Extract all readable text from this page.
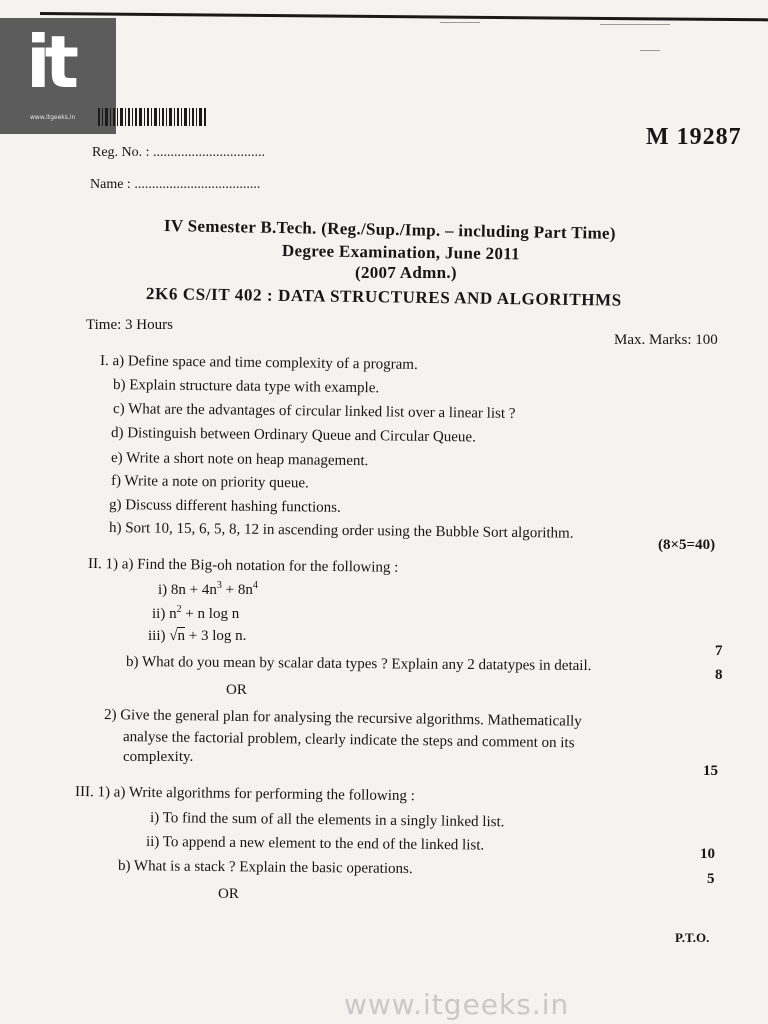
it
www.itgeeks.in
M 19287
Reg. No. : ................................
Name : ....................................
IV Semester B.Tech. (Reg./Sup./Imp. – including Part Time)
Degree Examination, June 2011
(2007 Admn.)
2K6 CS/IT 402 : DATA STRUCTURES AND ALGORITHMS
Time: 3 Hours
Max. Marks: 100
I. a) Define space and time complexity of a program.
b) Explain structure data type with example.
c) What are the advantages of circular linked list over a linear list ?
d) Distinguish between Ordinary Queue and Circular Queue.
e) Write a short note on heap management.
f) Write a note on priority queue.
g) Discuss different hashing functions.
h) Sort 10, 15, 6, 5, 8, 12 in ascending order using the Bubble Sort algorithm.
(8×5=40)
II. 1) a) Find the Big-oh notation for the following :
i) $8n + 4n^3 + 8n^4$
ii) $n^2 + n$ log n
iii) √n + 3 log n.
7
b) What do you mean by scalar data types ? Explain any 2 datatypes in detail.
8
OR
2) Give the general plan for analysing the recursive algorithms. Mathematically
analyse the factorial problem, clearly indicate the steps and comment on its
complexity.
15
III. 1) a) Write algorithms for performing the following :
i) To find the sum of all the elements in a singly linked list.
ii) To append a new element to the end of the linked list.
10
b) What is a stack ? Explain the basic operations.
5
OR
P.T.O.
www.itgeeks.in
